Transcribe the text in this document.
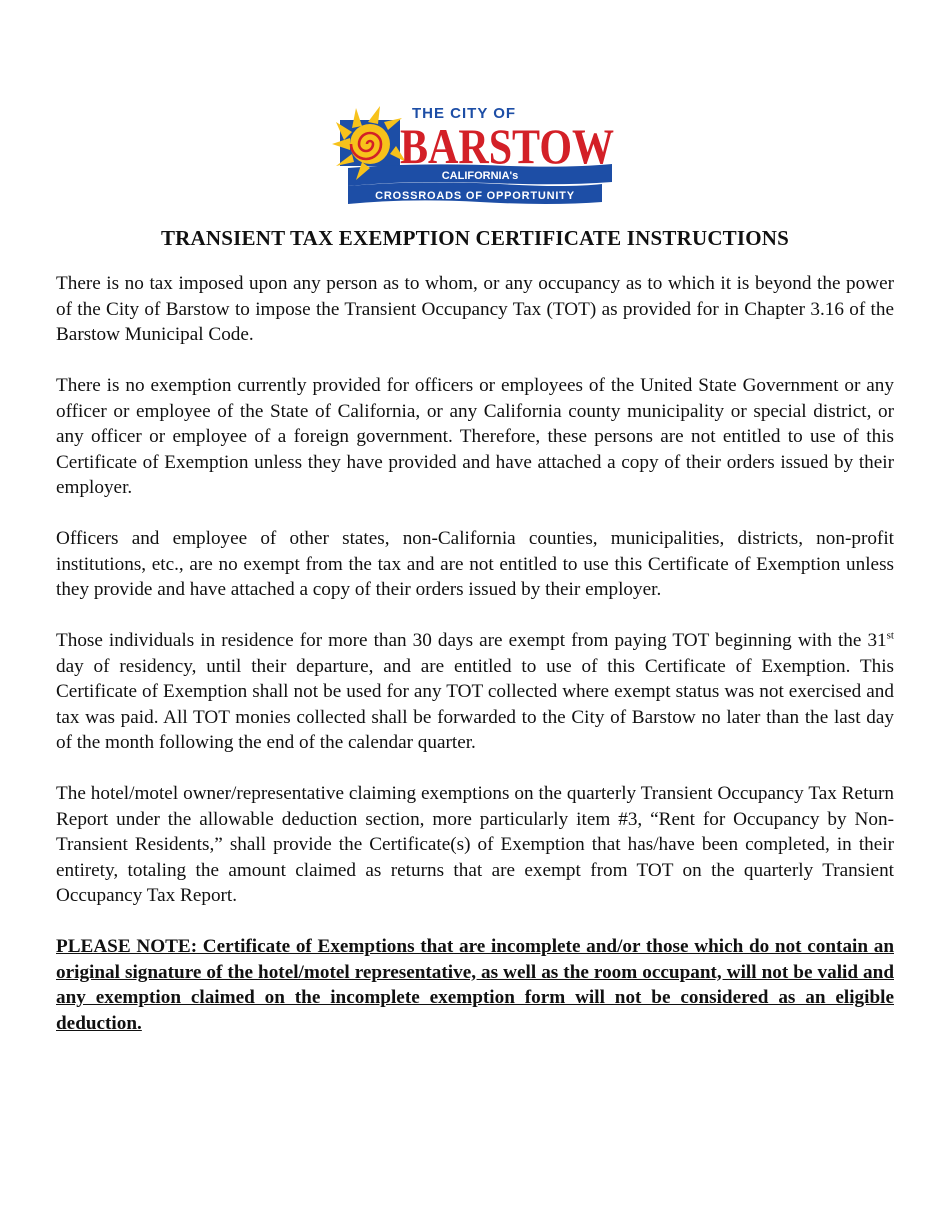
THE CITY OF
BARSTOW
CALIFORNIA's
CROSSROADS OF OPPORTUNITY
TRANSIENT TAX EXEMPTION CERTIFICATE INSTRUCTIONS

There is no tax imposed upon any person as to whom, or any occupancy as to which it is beyond the power of the City of Barstow to impose the Transient Occupancy Tax (TOT) as provided for in Chapter 3.16 of the Barstow Municipal Code.

There is no exemption currently provided for officers or employees of the United State Government or any officer or employee of the State of California, or any California county municipality or special district, or any officer or employee of a foreign government. Therefore, these persons are not entitled to use of this Certificate of Exemption unless they have provided and have attached a copy of their orders issued by their employer.

Officers and employee of other states, non-California counties, municipalities, districts, non-profit institutions, etc., are no exempt from the tax and are not entitled to use this Certificate of Exemption unless they provide and have attached a copy of their orders issued by their employer.

Those individuals in residence for more than 30 days are exempt from paying TOT beginning with the 31st day of residency, until their departure, and are entitled to use of this Certificate of Exemption. This Certificate of Exemption shall not be used for any TOT collected where exempt status was not exercised and tax was paid. All TOT monies collected shall be forwarded to the City of Barstow no later than the last day of the month following the end of the calendar quarter.

The hotel/motel owner/representative claiming exemptions on the quarterly Transient Occupancy Tax Return Report under the allowable deduction section, more particularly item #3, “Rent for Occupancy by Non-Transient Residents,” shall provide the Certificate(s) of Exemption that has/have been completed, in their entirety, totaling the amount claimed as returns that are exempt from TOT on the quarterly Transient Occupancy Tax Report.

PLEASE NOTE: Certificate of Exemptions that are incomplete and/or those which do not contain an original signature of the hotel/motel representative, as well as the room occupant, will not be valid and any exemption claimed on the incomplete exemption form will not be considered as an eligible deduction.
